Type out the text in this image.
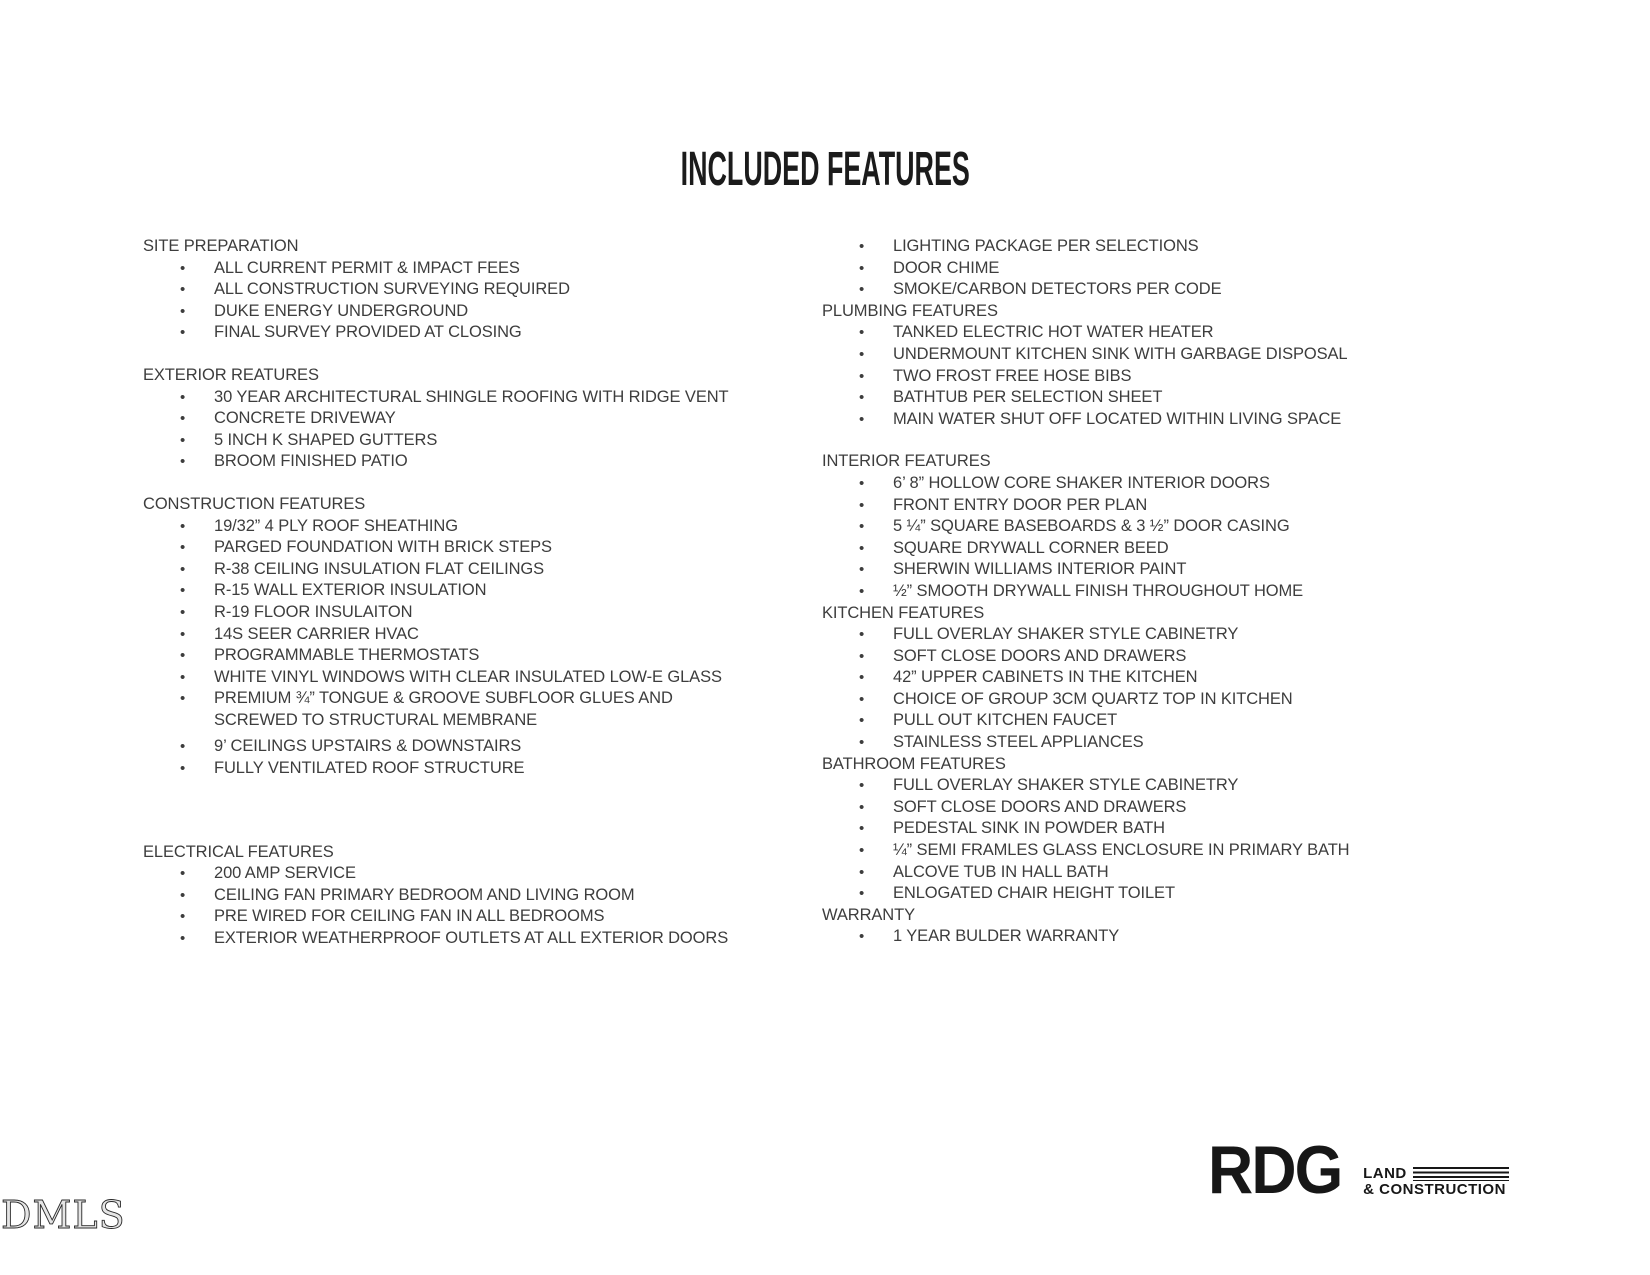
INCLUDED FEATURES
SITE PREPARATION
• ALL CURRENT PERMIT & IMPACT FEES
• ALL CONSTRUCTION SURVEYING REQUIRED
• DUKE ENERGY UNDERGROUND
• FINAL SURVEY PROVIDED AT CLOSING
EXTERIOR REATURES
• 30 YEAR ARCHITECTURAL SHINGLE ROOFING WITH RIDGE VENT
• CONCRETE DRIVEWAY
• 5 INCH K SHAPED GUTTERS
• BROOM FINISHED PATIO
CONSTRUCTION FEATURES
• 19/32” 4 PLY ROOF SHEATHING
• PARGED FOUNDATION WITH BRICK STEPS
• R-38 CEILING INSULATION FLAT CEILINGS
• R-15 WALL EXTERIOR INSULATION
• R-19 FLOOR INSULAITON
• 14S SEER CARRIER HVAC
• PROGRAMMABLE THERMOSTATS
• WHITE VINYL WINDOWS WITH CLEAR INSULATED LOW-E GLASS
• PREMIUM ¾” TONGUE & GROOVE SUBFLOOR GLUES AND SCREWED TO STRUCTURAL MEMBRANE
• 9’ CEILINGS UPSTAIRS & DOWNSTAIRS
• FULLY VENTILATED ROOF STRUCTURE
ELECTRICAL FEATURES
• 200 AMP SERVICE
• CEILING FAN PRIMARY BEDROOM AND LIVING ROOM
• PRE WIRED FOR CEILING FAN IN ALL BEDROOMS
• EXTERIOR WEATHERPROOF OUTLETS AT ALL EXTERIOR DOORS
• LIGHTING PACKAGE PER SELECTIONS
• DOOR CHIME
• SMOKE/CARBON DETECTORS PER CODE
PLUMBING FEATURES
• TANKED ELECTRIC HOT WATER HEATER
• UNDERMOUNT KITCHEN SINK WITH GARBAGE DISPOSAL
• TWO FROST FREE HOSE BIBS
• BATHTUB PER SELECTION SHEET
• MAIN WATER SHUT OFF LOCATED WITHIN LIVING SPACE
INTERIOR FEATURES
• 6’ 8” HOLLOW CORE SHAKER INTERIOR DOORS
• FRONT ENTRY DOOR PER PLAN
• 5 ¼” SQUARE BASEBOARDS & 3 ½” DOOR CASING
• SQUARE DRYWALL CORNER BEED
• SHERWIN WILLIAMS INTERIOR PAINT
• ½” SMOOTH DRYWALL FINISH THROUGHOUT HOME
KITCHEN FEATURES
• FULL OVERLAY SHAKER STYLE CABINETRY
• SOFT CLOSE DOORS AND DRAWERS
• 42” UPPER CABINETS IN THE KITCHEN
• CHOICE OF GROUP 3CM QUARTZ TOP IN KITCHEN
• PULL OUT KITCHEN FAUCET
• STAINLESS STEEL APPLIANCES
BATHROOM FEATURES
• FULL OVERLAY SHAKER STYLE CABINETRY
• SOFT CLOSE DOORS AND DRAWERS
• PEDESTAL SINK IN POWDER BATH
• ¼” SEMI FRAMLES GLASS ENCLOSURE IN PRIMARY BATH
• ALCOVE TUB IN HALL BATH
• ENLOGATED CHAIR HEIGHT TOILET
WARRANTY
• 1 YEAR BULDER WARRANTY
RDG LAND
& CONSTRUCTION
DMLS
